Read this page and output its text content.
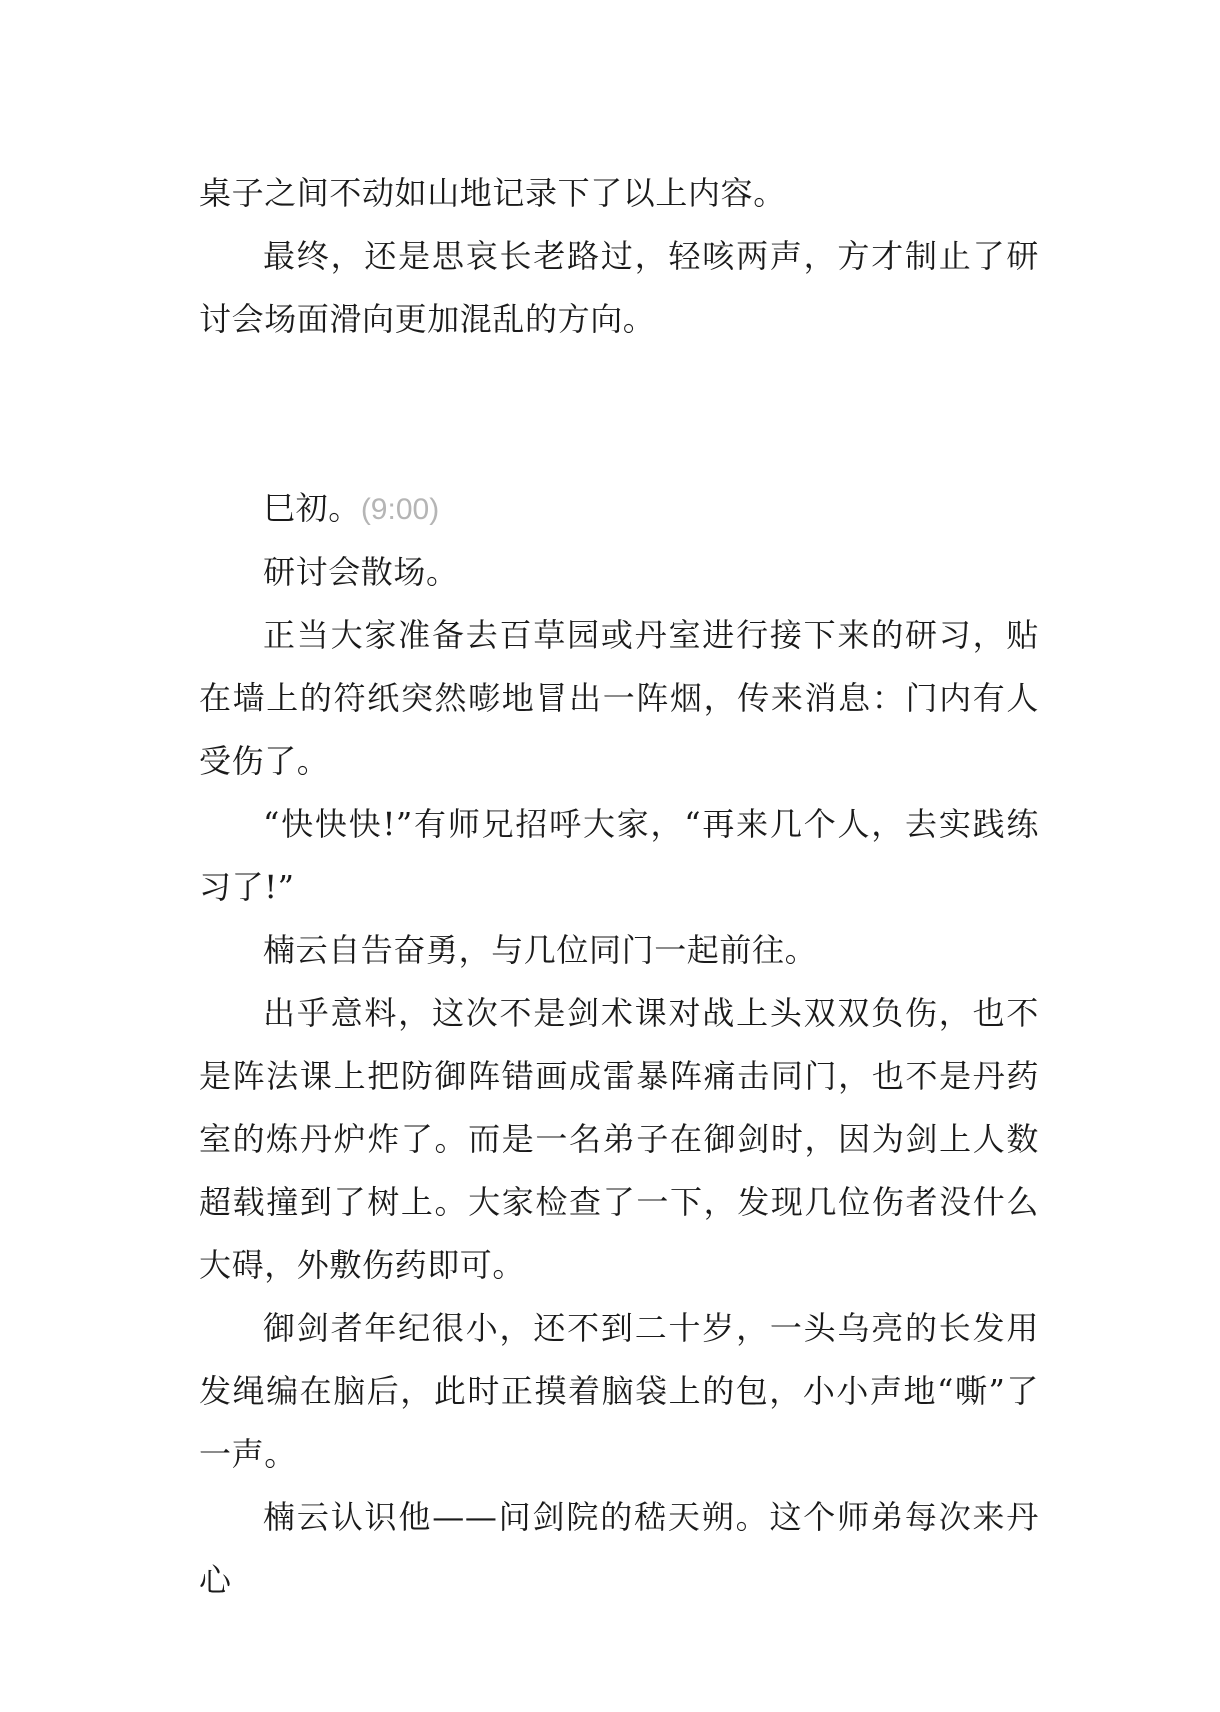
桌子之间不动如山地记录下了以上内容。

最终，还是思哀长老路过，轻咳两声，方才制止了研讨会场面滑向更加混乱的方向。

巳初。(9:00)

研讨会散场。

正当大家准备去百草园或丹室进行接下来的研习，贴在墙上的符纸突然嘭地冒出一阵烟，传来消息：门内有人受伤了。

“快快快!”有师兄招呼大家，“再来几个人，去实践练习了!”

楠云自告奋勇，与几位同门一起前往。

出乎意料，这次不是剑术课对战上头双双负伤，也不是阵法课上把防御阵错画成雷暴阵痛击同门，也不是丹药室的炼丹炉炸了。而是一名弟子在御剑时，因为剑上人数超载撞到了树上。大家检查了一下，发现几位伤者没什么大碍，外敷伤药即可。

御剑者年纪很小，还不到二十岁，一头乌亮的长发用发绳编在脑后，此时正摸着脑袋上的包，小小声地“嘶”了一声。

楠云认识他——问剑院的嵇天朔。这个师弟每次来丹心
